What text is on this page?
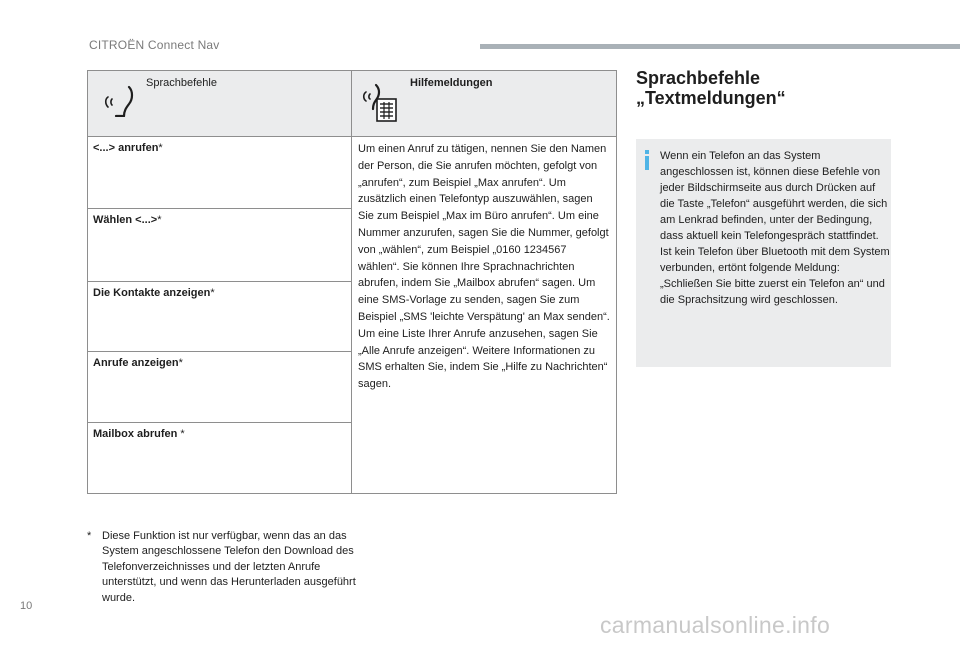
CITROËN Connect Nav
Sprachbefehle	Hilfemeldungen
<...> anrufen*
Wählen <...>*
Die Kontakte anzeigen*
Anrufe anzeigen*
Mailbox abrufen *
Um einen Anruf zu tätigen, nennen Sie den Namen der Person, die Sie anrufen möchten, gefolgt von „anrufen“, zum Beispiel „Max anrufen“. Um zusätzlich einen Telefontyp auszuwählen, sagen Sie zum Beispiel „Max im Büro anrufen“. Um eine Nummer anzurufen, sagen Sie die Nummer, gefolgt von „wählen“, zum Beispiel „0160 1234567 wählen“. Sie können Ihre Sprachnachrichten abrufen, indem Sie „Mailbox abrufen“ sagen. Um eine SMS-Vorlage zu senden, sagen Sie zum Beispiel „SMS 'leichte Verspätung' an Max senden“. Um eine Liste Ihrer Anrufe anzusehen, sagen Sie „Alle Anrufe anzeigen“. Weitere Informationen zu SMS erhalten Sie, indem Sie „Hilfe zu Nachrichten“ sagen.
* Diese Funktion ist nur verfügbar, wenn das an das System angeschlossene Telefon den Download des Telefonverzeichnisses und der letzten Anrufe unterstützt, und wenn das Herunterladen ausgeführt wurde.
Sprachbefehle
„Textmeldungen“
Wenn ein Telefon an das System angeschlossen ist, können diese Befehle von jeder Bildschirmseite aus durch Drücken auf die Taste „Telefon“ ausgeführt werden, die sich am Lenkrad befinden, unter der Bedingung, dass aktuell kein Telefongespräch stattfindet.
Ist kein Telefon über Bluetooth mit dem System verbunden, ertönt folgende Meldung: „Schließen Sie bitte zuerst ein Telefon an“ und die Sprachsitzung wird geschlossen.
10
carmanualsonline.info
